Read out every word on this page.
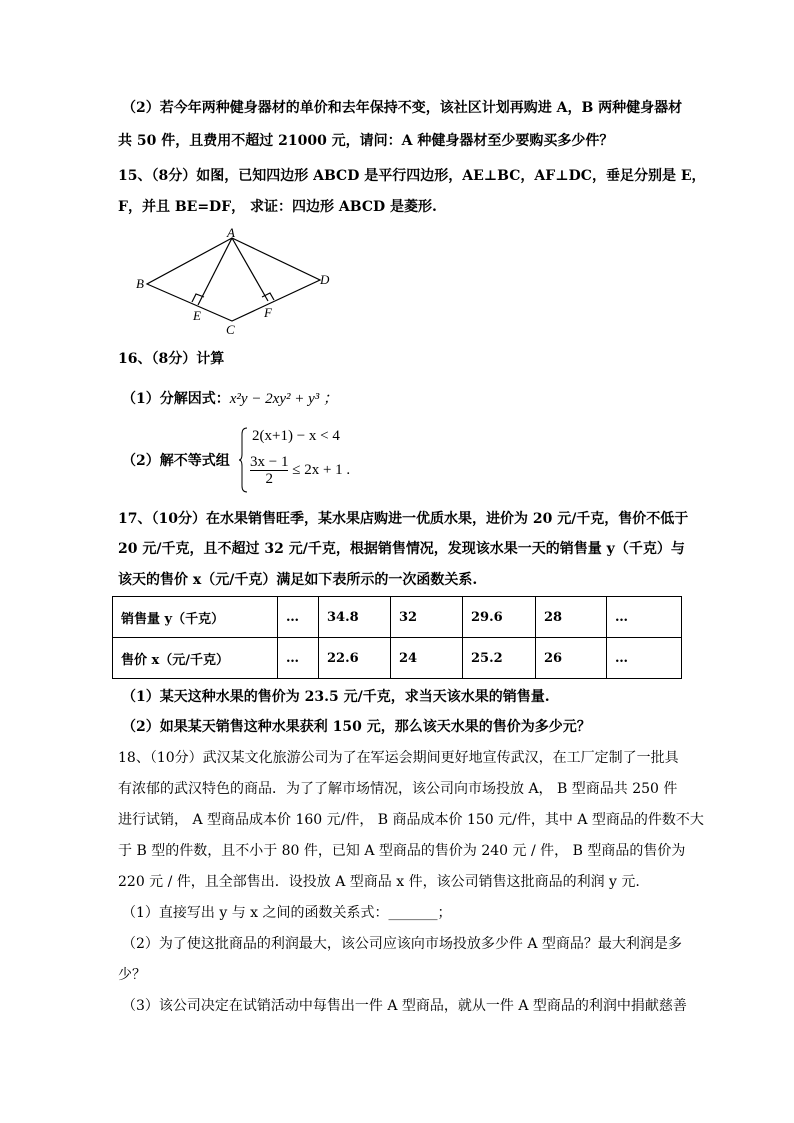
（2）若今年两种健身器材的单价和去年保持不变，该社区计划再购进 A，B 两种健身器材
共 50 件，且费用不超过 21000 元，请问：A 种健身器材至少要购买多少件？
15、（8分）如图，已知四边形 ABCD 是平行四边形，AE⊥BC，AF⊥DC，垂足分别是 E，
F，并且 BE=DF， 求证：四边形 ABCD 是菱形.
A
B
C
D
E	F
16、（8分）计算
（1）分解因式：x²y − 2xy² + y³ ；
（2）解不等式组
2(x+1) − x < 4
$\frac{3x - 1}{2} \le 2x + 1$ .
17、（10分）在水果销售旺季，某水果店购进一优质水果，进价为 20 元/千克，售价不低于
20 元/千克，且不超过 32 元/千克，根据销售情况，发现该水果一天的销售量 y（千克）与
该天的售价 x（元/千克）满足如下表所示的一次函数关系.
销售量 y（千克）	…	34.8	32	29.6	28	…
售价 x（元/千克）	…	22.6	24	25.2	26	…
（1）某天这种水果的售价为 23.5 元/千克，求当天该水果的销售量.
（2）如果某天销售这种水果获利 150 元，那么该天水果的售价为多少元？
18、（10分）武汉某文化旅游公司为了在军运会期间更好地宣传武汉，在工厂定制了一批具
有浓郁的武汉特色的商品．为了了解市场情况，该公司向市场投放 A， B 型商品共 250 件
进行试销， A 型商品成本价 160 元/件， B 商品成本价 150 元/件，其中 A 型商品的件数不大
于 B 型的件数，且不小于 80 件，已知 A 型商品的售价为 240 元 / 件， B 型商品的售价为
220 元 / 件，且全部售出．设投放 A 型商品 x 件，该公司销售这批商品的利润 y 元.
（1）直接写出 y 与 x 之间的函数关系式：_______；
（2）为了使这批商品的利润最大，该公司应该向市场投放多少件 A 型商品？最大利润是多
少？
（3）该公司决定在试销活动中每售出一件 A 型商品，就从一件 A 型商品的利润中捐献慈善
